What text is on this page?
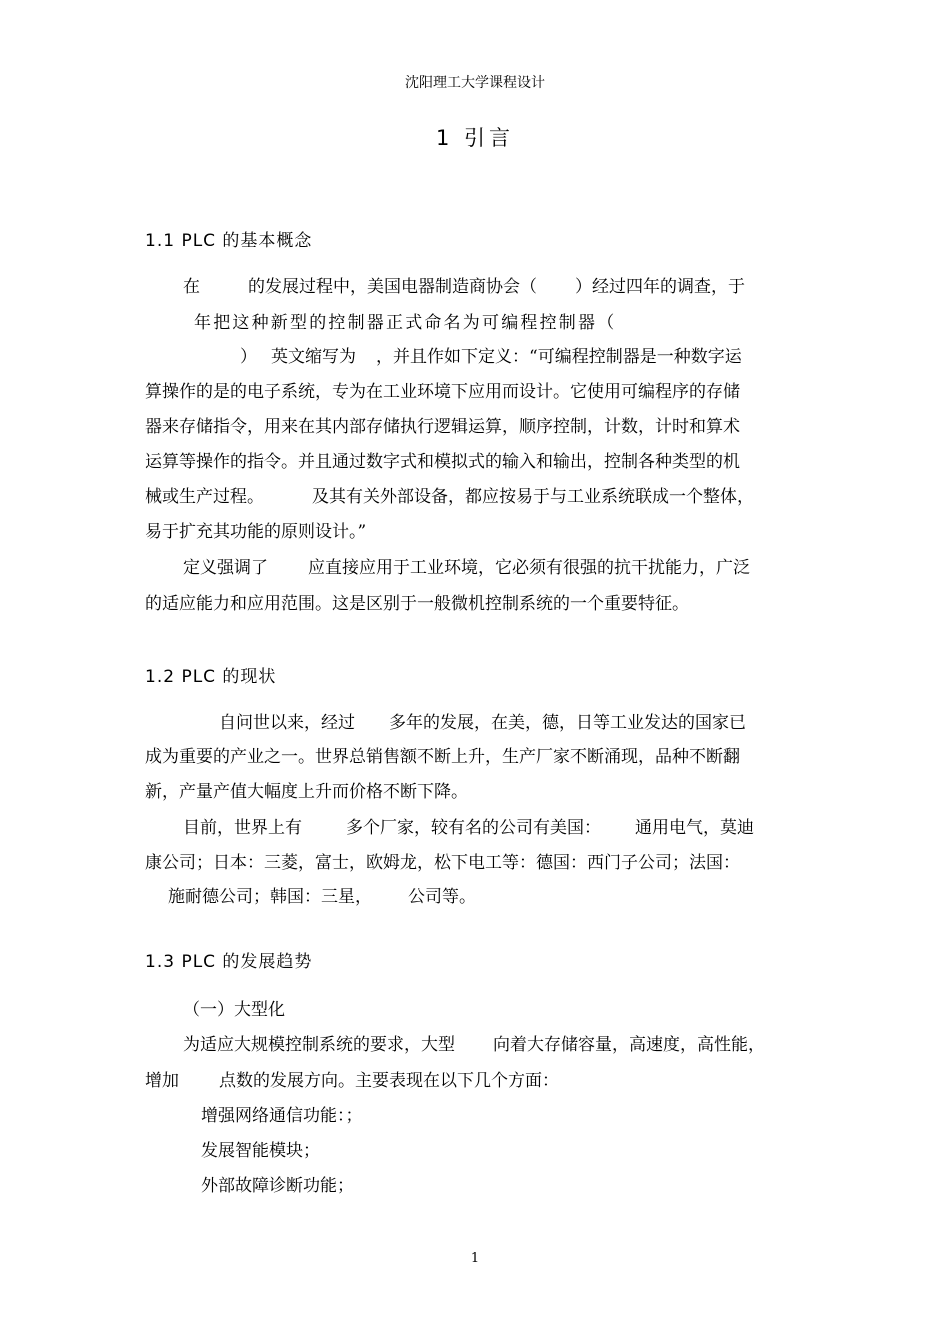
沈阳理工大学课程设计
1 引言
1.1 PLC 的基本概念
在	的发展过程中，美国电器制造商协会（ ）经过四年的调查，于
年把这种新型的控制器正式命名为可编程控制器（
） 英文缩写为 ，并且作如下定义：“可编程控制器是一种数字运
算操作的是的电子系统，专为在工业环境下应用而设计。它使用可编程序的存储
器来存储指令，用来在其内部存储执行逻辑运算，顺序控制，计数，计时和算术
运算等操作的指令。并且通过数字式和模拟式的输入和输出，控制各种类型的机
械或生产过程。	及其有关外部设备，都应按易于与工业系统联成一个整体，
易于扩充其功能的原则设计。”
定义强调了 应直接应用于工业环境，它必须有很强的抗干扰能力，广泛
的适应能力和应用范围。这是区别于一般微机控制系统的一个重要特征。
1.2 PLC 的现状
自问世以来，经过 多年的发展，在美，德，日等工业发达的国家已
成为重要的产业之一。世界总销售额不断上升，生产厂家不断涌现，品种不断翻
新，产量产值大幅度上升而价格不断下降。
目前，世界上有	多个厂家，较有名的公司有美国： 通用电气，莫迪
康公司；日本：三菱，富士，欧姆龙，松下电工等：德国：西门子公司；法国：
施耐德公司；韩国：三星， 公司等。
1.3 PLC 的发展趋势
（一）大型化
为适应大规模控制系统的要求，大型 向着大存储容量，高速度，高性能，
增加 点数的发展方向。主要表现在以下几个方面：
增强网络通信功能：；
发展智能模块；
外部故障诊断功能；
1
